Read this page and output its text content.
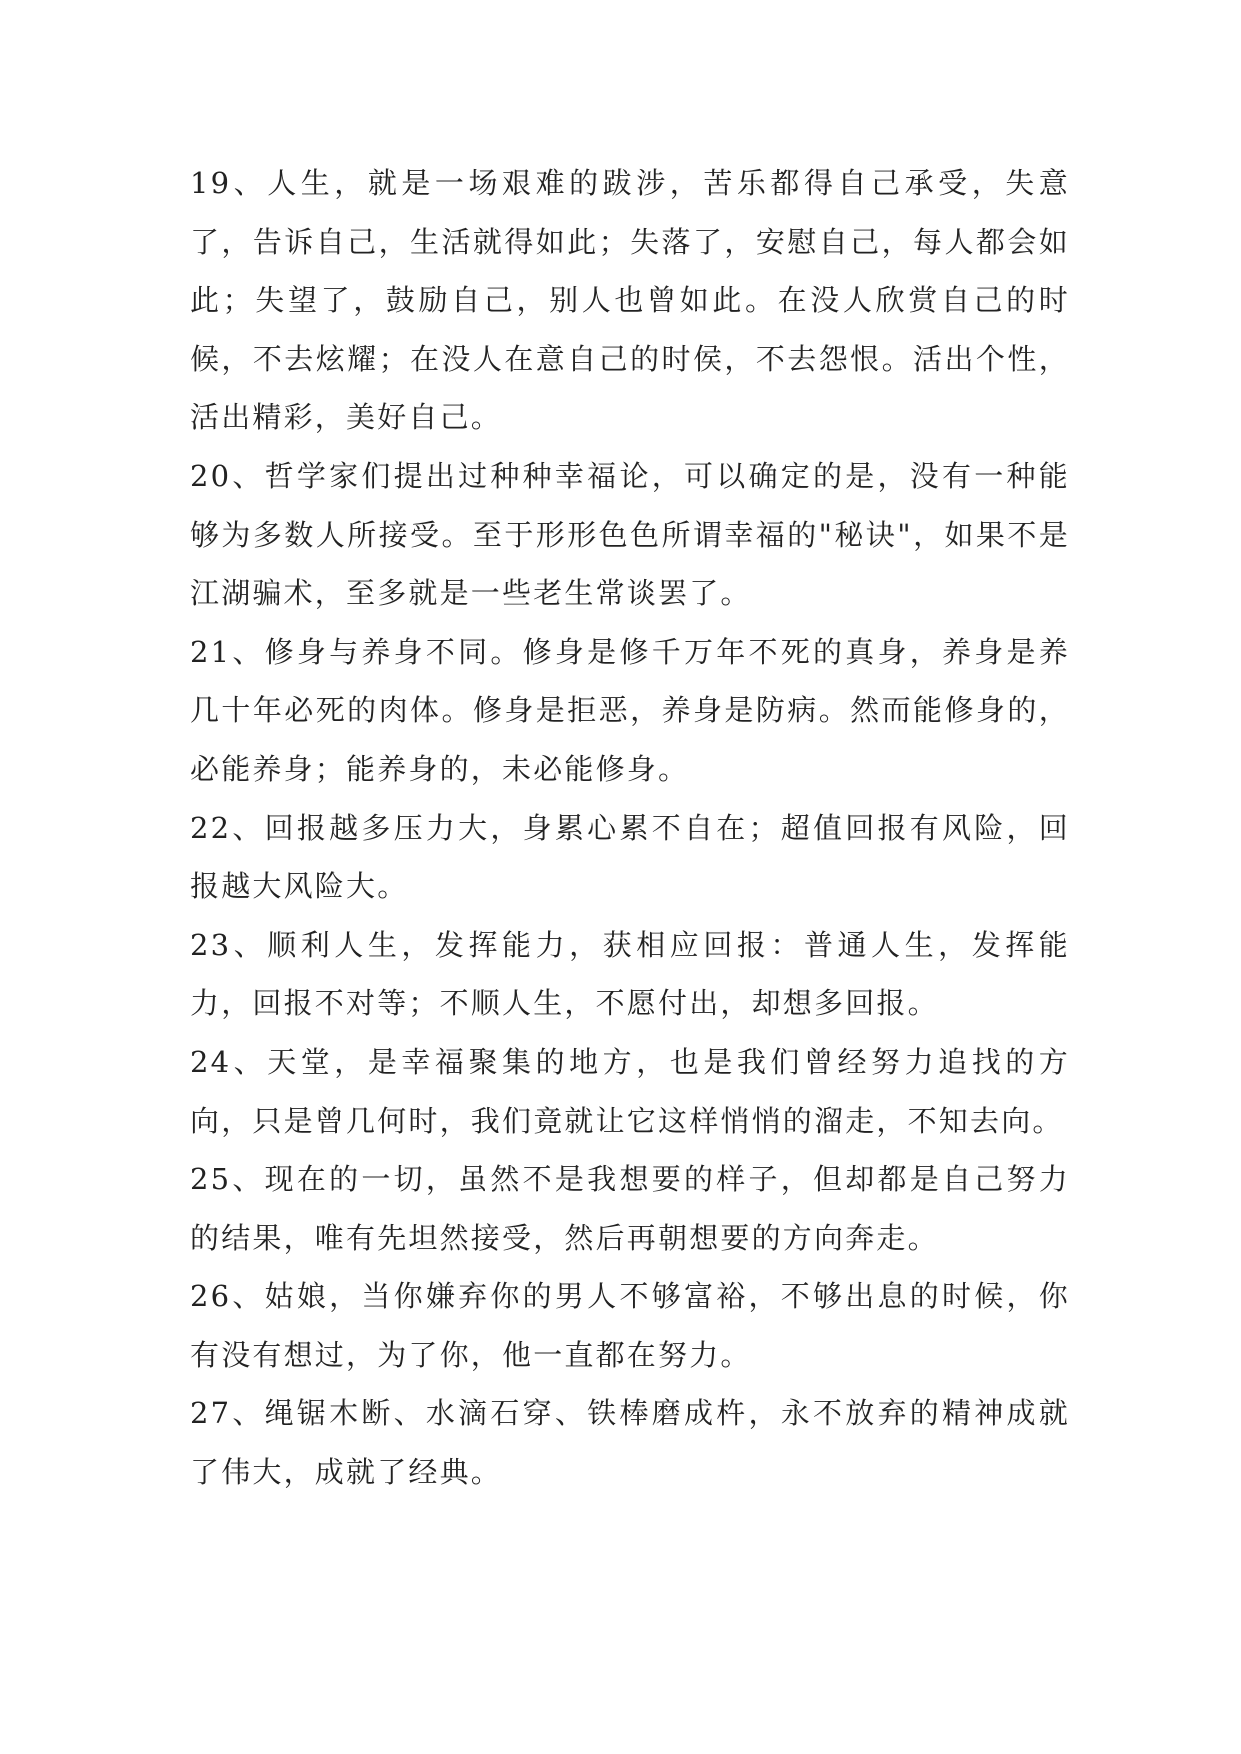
19、人生，就是一场艰难的跋涉，苦乐都得自己承受，失意了，告诉自己，生活就得如此；失落了，安慰自己，每人都会如此；失望了，鼓励自己，别人也曾如此。在没人欣赏自己的时候，不去炫耀；在没人在意自己的时侯，不去怨恨。活出个性，活出精彩，美好自己。

20、哲学家们提出过种种幸福论，可以确定的是，没有一种能够为多数人所接受。至于形形色色所谓幸福的"秘诀"，如果不是江湖骗术，至多就是一些老生常谈罢了。

21、修身与养身不同。修身是修千万年不死的真身，养身是养几十年必死的肉体。修身是拒恶，养身是防病。然而能修身的，必能养身；能养身的，未必能修身。

22、回报越多压力大，身累心累不自在；超值回报有风险，回报越大风险大。

23、顺利人生，发挥能力，获相应回报：普通人生，发挥能力，回报不对等；不顺人生，不愿付出，却想多回报。

24、天堂，是幸福聚集的地方，也是我们曾经努力追找的方向，只是曾几何时，我们竟就让它这样悄悄的溜走，不知去向。

25、现在的一切，虽然不是我想要的样子，但却都是自己努力的结果，唯有先坦然接受，然后再朝想要的方向奔走。

26、姑娘，当你嫌弃你的男人不够富裕，不够出息的时候，你有没有想过，为了你，他一直都在努力。

27、绳锯木断、水滴石穿、铁棒磨成杵，永不放弃的精神成就了伟大，成就了经典。
